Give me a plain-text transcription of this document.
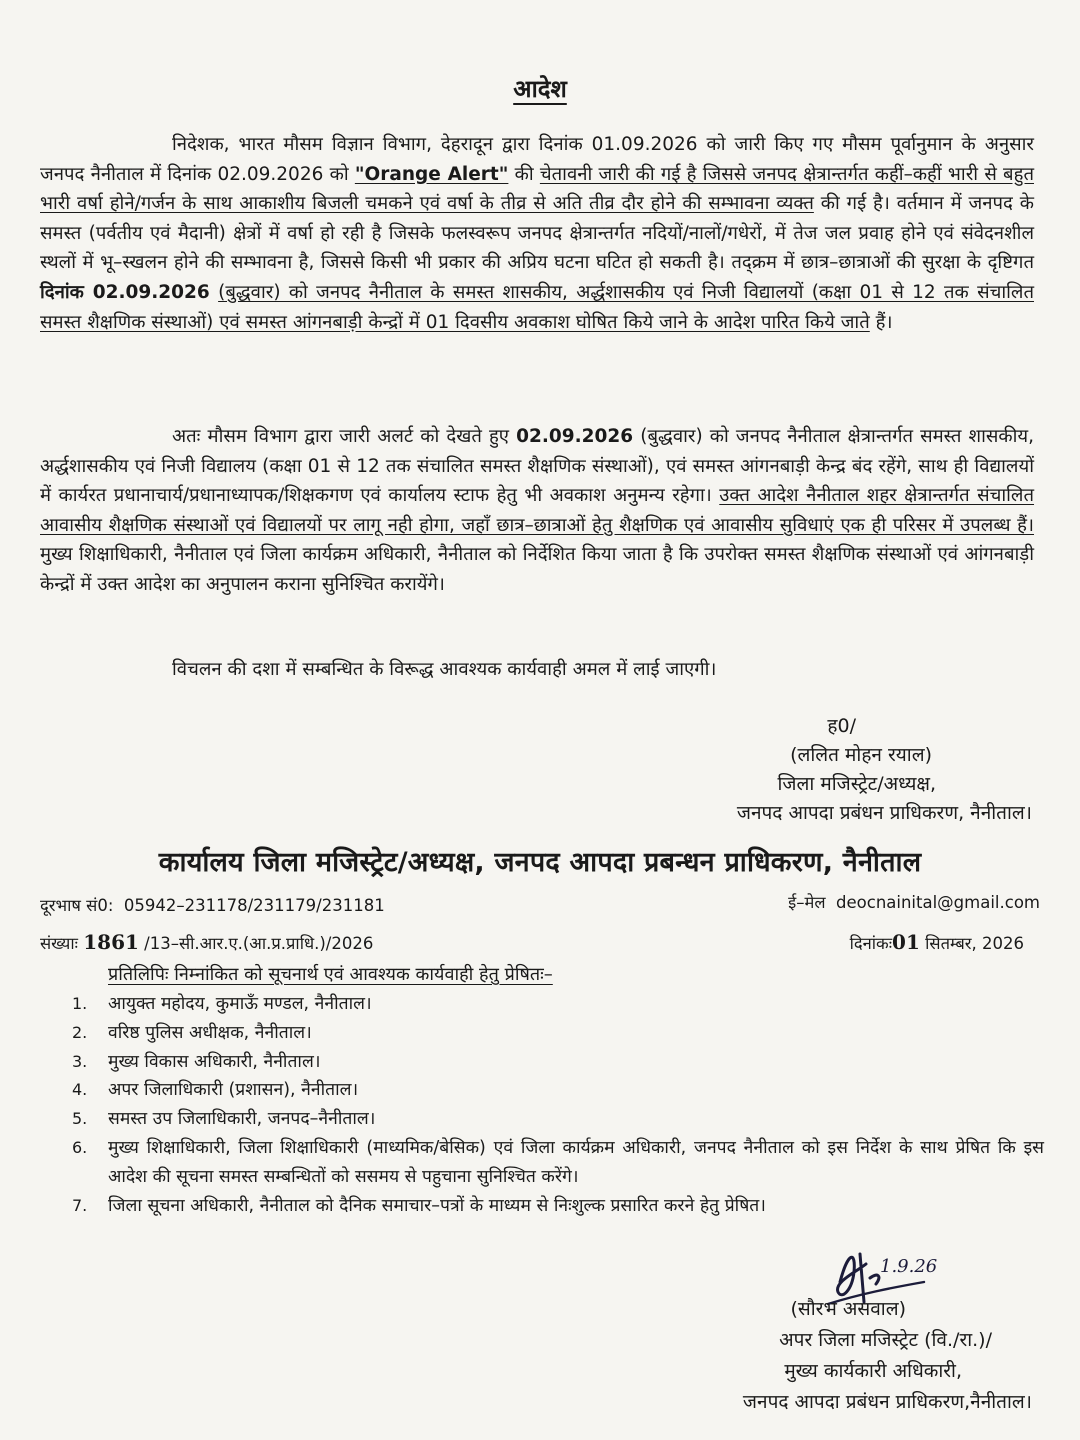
आदेश

निदेशक, भारत मौसम विज्ञान विभाग, देहरादून द्वारा दिनांक 01.09.2026 को जारी किए गए मौसम पूर्वानुमान के अनुसार जनपद नैनीताल में दिनांक 02.09.2026 को "Orange Alert" की चेतावनी जारी की गई है जिससे जनपद क्षेत्रान्तर्गत कहीं–कहीं भारी से बहुत भारी वर्षा होने/गर्जन के साथ आकाशीय बिजली चमकने एवं वर्षा के तीव्र से अति तीव्र दौर होने की सम्भावना व्यक्त की गई है। वर्तमान में जनपद के समस्त (पर्वतीय एवं मैदानी) क्षेत्रों में वर्षा हो रही है जिसके फलस्वरूप जनपद क्षेत्रान्तर्गत नदियों/नालों/गधेरों, में तेज जल प्रवाह होने एवं संवेदनशील स्थलों में भू–स्खलन होने की सम्भावना है, जिससे किसी भी प्रकार की अप्रिय घटना घटित हो सकती है। तद्क्रम में छात्र–छात्राओं की सुरक्षा के दृष्टिगत दिनांक 02.09.2026 (बुद्धवार) को जनपद नैनीताल के समस्त शासकीय, अर्द्धशासकीय एवं निजी विद्यालयों (कक्षा 01 से 12 तक संचालित समस्त शैक्षणिक संस्थाओं) एवं समस्त आंगनबाड़ी केन्द्रों में 01 दिवसीय अवकाश घोषित किये जाने के आदेश पारित किये जाते हैं।

अतः मौसम विभाग द्वारा जारी अलर्ट को देखते हुए 02.09.2026 (बुद्धवार) को जनपद नैनीताल क्षेत्रान्तर्गत समस्त शासकीय, अर्द्धशासकीय एवं निजी विद्यालय (कक्षा 01 से 12 तक संचालित समस्त शैक्षणिक संस्थाओं), एवं समस्त आंगनबाड़ी केन्द्र बंद रहेंगे, साथ ही विद्यालयों में कार्यरत प्रधानाचार्य/प्रधानाध्यापक/शिक्षकगण एवं कार्यालय स्टाफ हेतु भी अवकाश अनुमन्य रहेगा। उक्त आदेश नैनीताल शहर क्षेत्रान्तर्गत संचालित आवासीय शैक्षणिक संस्थाओं एवं विद्यालयों पर लागू नही होगा, जहाँ छात्र–छात्राओं हेतु शैक्षणिक एवं आवासीय सुविधाएं एक ही परिसर में उपलब्ध हैं। मुख्य शिक्षाधिकारी, नैनीताल एवं जिला कार्यक्रम अधिकारी, नैनीताल को निर्देशित किया जाता है कि उपरोक्त समस्त शैक्षणिक संस्थाओं एवं आंगनबाड़ी केन्द्रों में उक्त आदेश का अनुपालन कराना सुनिश्चित करायेंगे।

विचलन की दशा में सम्बन्धित के विरूद्ध आवश्यक कार्यवाही अमल में लाई जाएगी।

ह0/
(ललित मोहन रयाल)
जिला मजिस्ट्रेट/अध्यक्ष,
जनपद आपदा प्रबंधन प्राधिकरण, नैनीताल।
कार्यालय जिला मजिस्ट्रेट/अध्यक्ष, जनपद आपदा प्रबन्धन प्राधिकरण, नैनीताल
दूरभाष सं0: 05942–231178/231179/231181	ई–मेल deocnainital@gmail.com
संख्याः 1861 /13–सी.आर.ए.(आ.प्र.प्राधि.)/2026	दिनांकः01 सितम्बर, 2026
प्रतिलिपिः निम्नांकित को सूचनार्थ एवं आवश्यक कार्यवाही हेतु प्रेषितः–
1. आयुक्त महोदय, कुमाऊँ मण्डल, नैनीताल।
2. वरिष्ठ पुलिस अधीक्षक, नैनीताल।
3. मुख्य विकास अधिकारी, नैनीताल।
4. अपर जिलाधिकारी (प्रशासन), नैनीताल।
5. समस्त उप जिलाधिकारी, जनपद–नैनीताल।
6. मुख्य शिक्षाधिकारी, जिला शिक्षाधिकारी (माध्यमिक/बेसिक) एवं जिला कार्यक्रम अधिकारी, जनपद नैनीताल को इस निर्देश के साथ प्रेषित कि इस आदेश की सूचना समस्त सम्बन्धितों को ससमय से पहुचाना सुनिश्चित करेंगे।
7. जिला सूचना अधिकारी, नैनीताल को दैनिक समाचार–पत्रों के माध्यम से निःशुल्क प्रसारित करने हेतु प्रेषित।
1.9.26
(सौरभ असवाल)
अपर जिला मजिस्ट्रेट (वि./रा.)/
मुख्य कार्यकारी अधिकारी,
जनपद आपदा प्रबंधन प्राधिकरण,नैनीताल।
